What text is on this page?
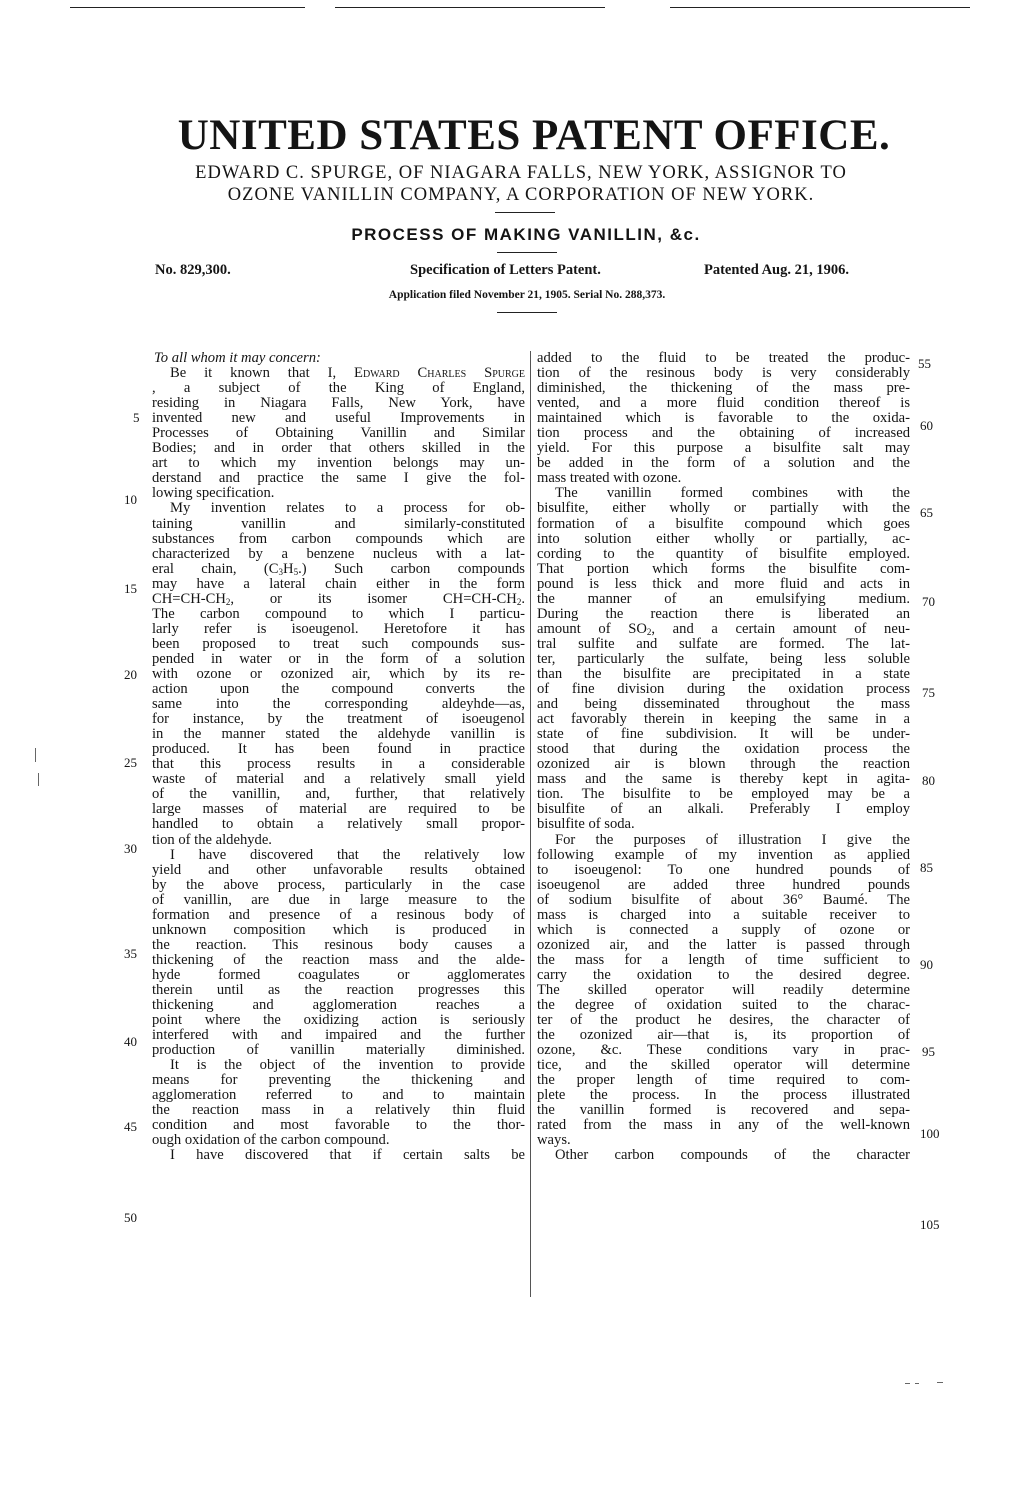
UNITED STATES PATENT OFFICE.
EDWARD C. SPURGE, OF NIAGARA FALLS, NEW YORK, ASSIGNOR TO
OZONE VANILLIN COMPANY, A CORPORATION OF NEW YORK.
PROCESS OF MAKING VANILLIN, &c.
No. 829,300.	Specification of Letters Patent.	Patented Aug. 21, 1906.
Application filed November 21, 1905. Serial No. 288,373.
To all whom it may concern:
Be it known that I, Edward Charles Spurge
, a subject of the King of England,
residing in Niagara Falls, New York, have
invented new and useful Improvements in
Processes of Obtaining Vanillin and Similar
Bodies; and in order that others skilled in the
art to which my invention belongs may un-
derstand and practice the same I give the fol-
lowing specification.
My invention relates to a process for ob-
taining vanillin and similarly-constituted
substances from carbon compounds which are
characterized by a benzene nucleus with a lat-
eral chain, $(C_3H_5.)$ Such carbon compounds
may have a lateral chain either in the form
$CH=CH-CH_2$, or its isomer $CH=CH-CH_2$.
The carbon compound to which I particu-
larly refer is isoeugenol. Heretofore it has
been proposed to treat such compounds sus-
pended in water or in the form of a solution
with ozone or ozonized air, which by its re-
action upon the compound converts the
same into the corresponding aldeyhde—as,
for instance, by the treatment of isoeugenol
in the manner stated the aldehyde vanillin is
produced. It has been found in practice
that this process results in a considerable
waste of material and a relatively small yield
of the vanillin, and, further, that relatively
large masses of material are required to be
handled to obtain a relatively small propor-
tion of the aldehyde.
I have discovered that the relatively low
yield and other unfavorable results obtained
by the above process, particularly in the case
of vanillin, are due in large measure to the
formation and presence of a resinous body of
unknown composition which is produced in
the reaction. This resinous body causes a
thickening of the reaction mass and the alde-
hyde formed coagulates or agglomerates
therein until as the reaction progresses this
thickening and agglomeration reaches a
point where the oxidizing action is seriously
interfered with and impaired and the further
production of vanillin materially diminished.
It is the object of the invention to provide
means for preventing the thickening and
agglomeration referred to and to maintain
the reaction mass in a relatively thin fluid
condition and most favorable to the thor-
ough oxidation of the carbon compound.
I have discovered that if certain salts be
added to the fluid to be treated the produc-
tion of the resinous body is very considerably
diminished, the thickening of the mass pre-
vented, and a more fluid condition thereof is
maintained which is favorable to the oxida-
tion process and the obtaining of increased
yield. For this purpose a bisulfite salt may
be added in the form of a solution and the
mass treated with ozone.
The vanillin formed combines with the
bisulfite, either wholly or partially with the
formation of a bisulfite compound which goes
into solution either wholly or partially, ac-
cording to the quantity of bisulfite employed.
That portion which forms the bisulfite com-
pound is less thick and more fluid and acts in
the manner of an emulsifying medium.
During the reaction there is liberated an
amount of $SO_2$, and a certain amount of neu-
tral sulfite and sulfate are formed. The lat-
ter, particularly the sulfate, being less soluble
than the bisulfite are precipitated in a state
of fine division during the oxidation process
and being disseminated throughout the mass
act favorably therein in keeping the same in a
state of fine subdivision. It will be under-
stood that during the oxidation process the
ozonized air is blown through the reaction
mass and the same is thereby kept in agita-
tion. The bisulfite to be employed may be a
bisulfite of an alkali. Preferably I employ
bisulfite of soda.
For the purposes of illustration I give the
following example of my invention as applied
to isoeugenol: To one hundred pounds of
isoeugenol are added three hundred pounds
of sodium bisulfite of about 36° Baumé. The
mass is charged into a suitable receiver to
which is connected a supply of ozone or
ozonized air, and the latter is passed through
the mass for a length of time sufficient to
carry the oxidation to the desired degree.
The skilled operator will readily determine
the degree of oxidation suited to the charac-
ter of the product he desires, the character of
the ozonized air—that is, its proportion of
ozone, &c. These conditions vary in prac-
tice, and the skilled operator will determine
the proper length of time required to com-
plete the process. In the process illustrated
the vanillin formed is recovered and sepa-
rated from the mass in any of the well-known
ways.
Other carbon compounds of the character
5
10
15
20
25
30
35
40
45
50
55
60
65
70
75
80
85
90
95
100
105
